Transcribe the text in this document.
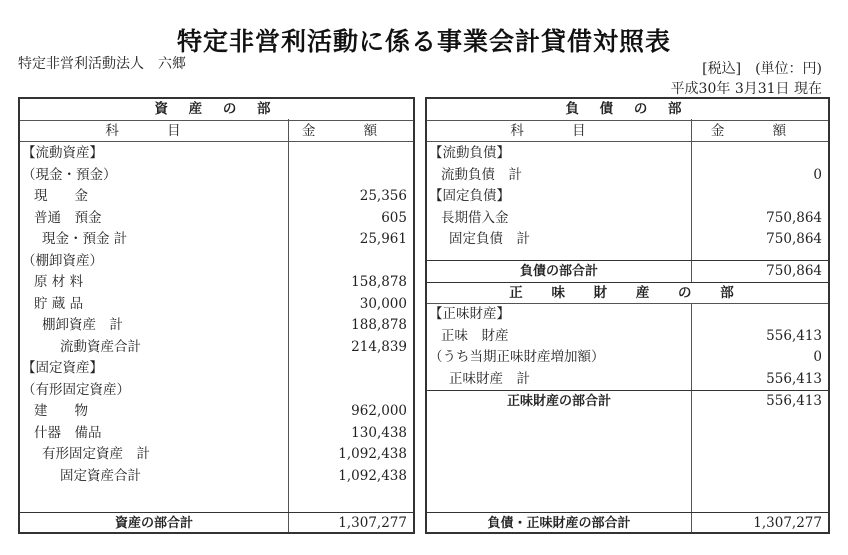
特定非営利活動に係る事業会計貸借対照表
特定非営利活動法人　六郷	[税込]　(単位：円)
平成30年 3月31日 現在
資 産 の 部
科 目	金 額
【流動資産】
（現金・預金）
現　　金	25,356
普通　預金	605
現金・預金 計	25,961
（棚卸資産）
原 材 料	158,878
貯 蔵 品	30,000
棚卸資産　計	188,878
流動資産合計	214,839
【固定資産】
（有形固定資産）
建　　物	962,000
什器　備品	130,438
有形固定資産　計	1,092,438
固定資産合計	1,092,438
資産の部合計	1,307,277
負 債 の 部
科 目	金 額
【流動負債】
流動負債　計	0
【固定負債】
長期借入金	750,864
固定負債　計	750,864
負債の部合計	750,864
正 味 財 産 の 部
【正味財産】
正味　財産	556,413
（うち当期正味財産増加額）	0
正味財産　計	556,413
正味財産の部合計	556,413
負債・正味財産の部合計	1,307,277
